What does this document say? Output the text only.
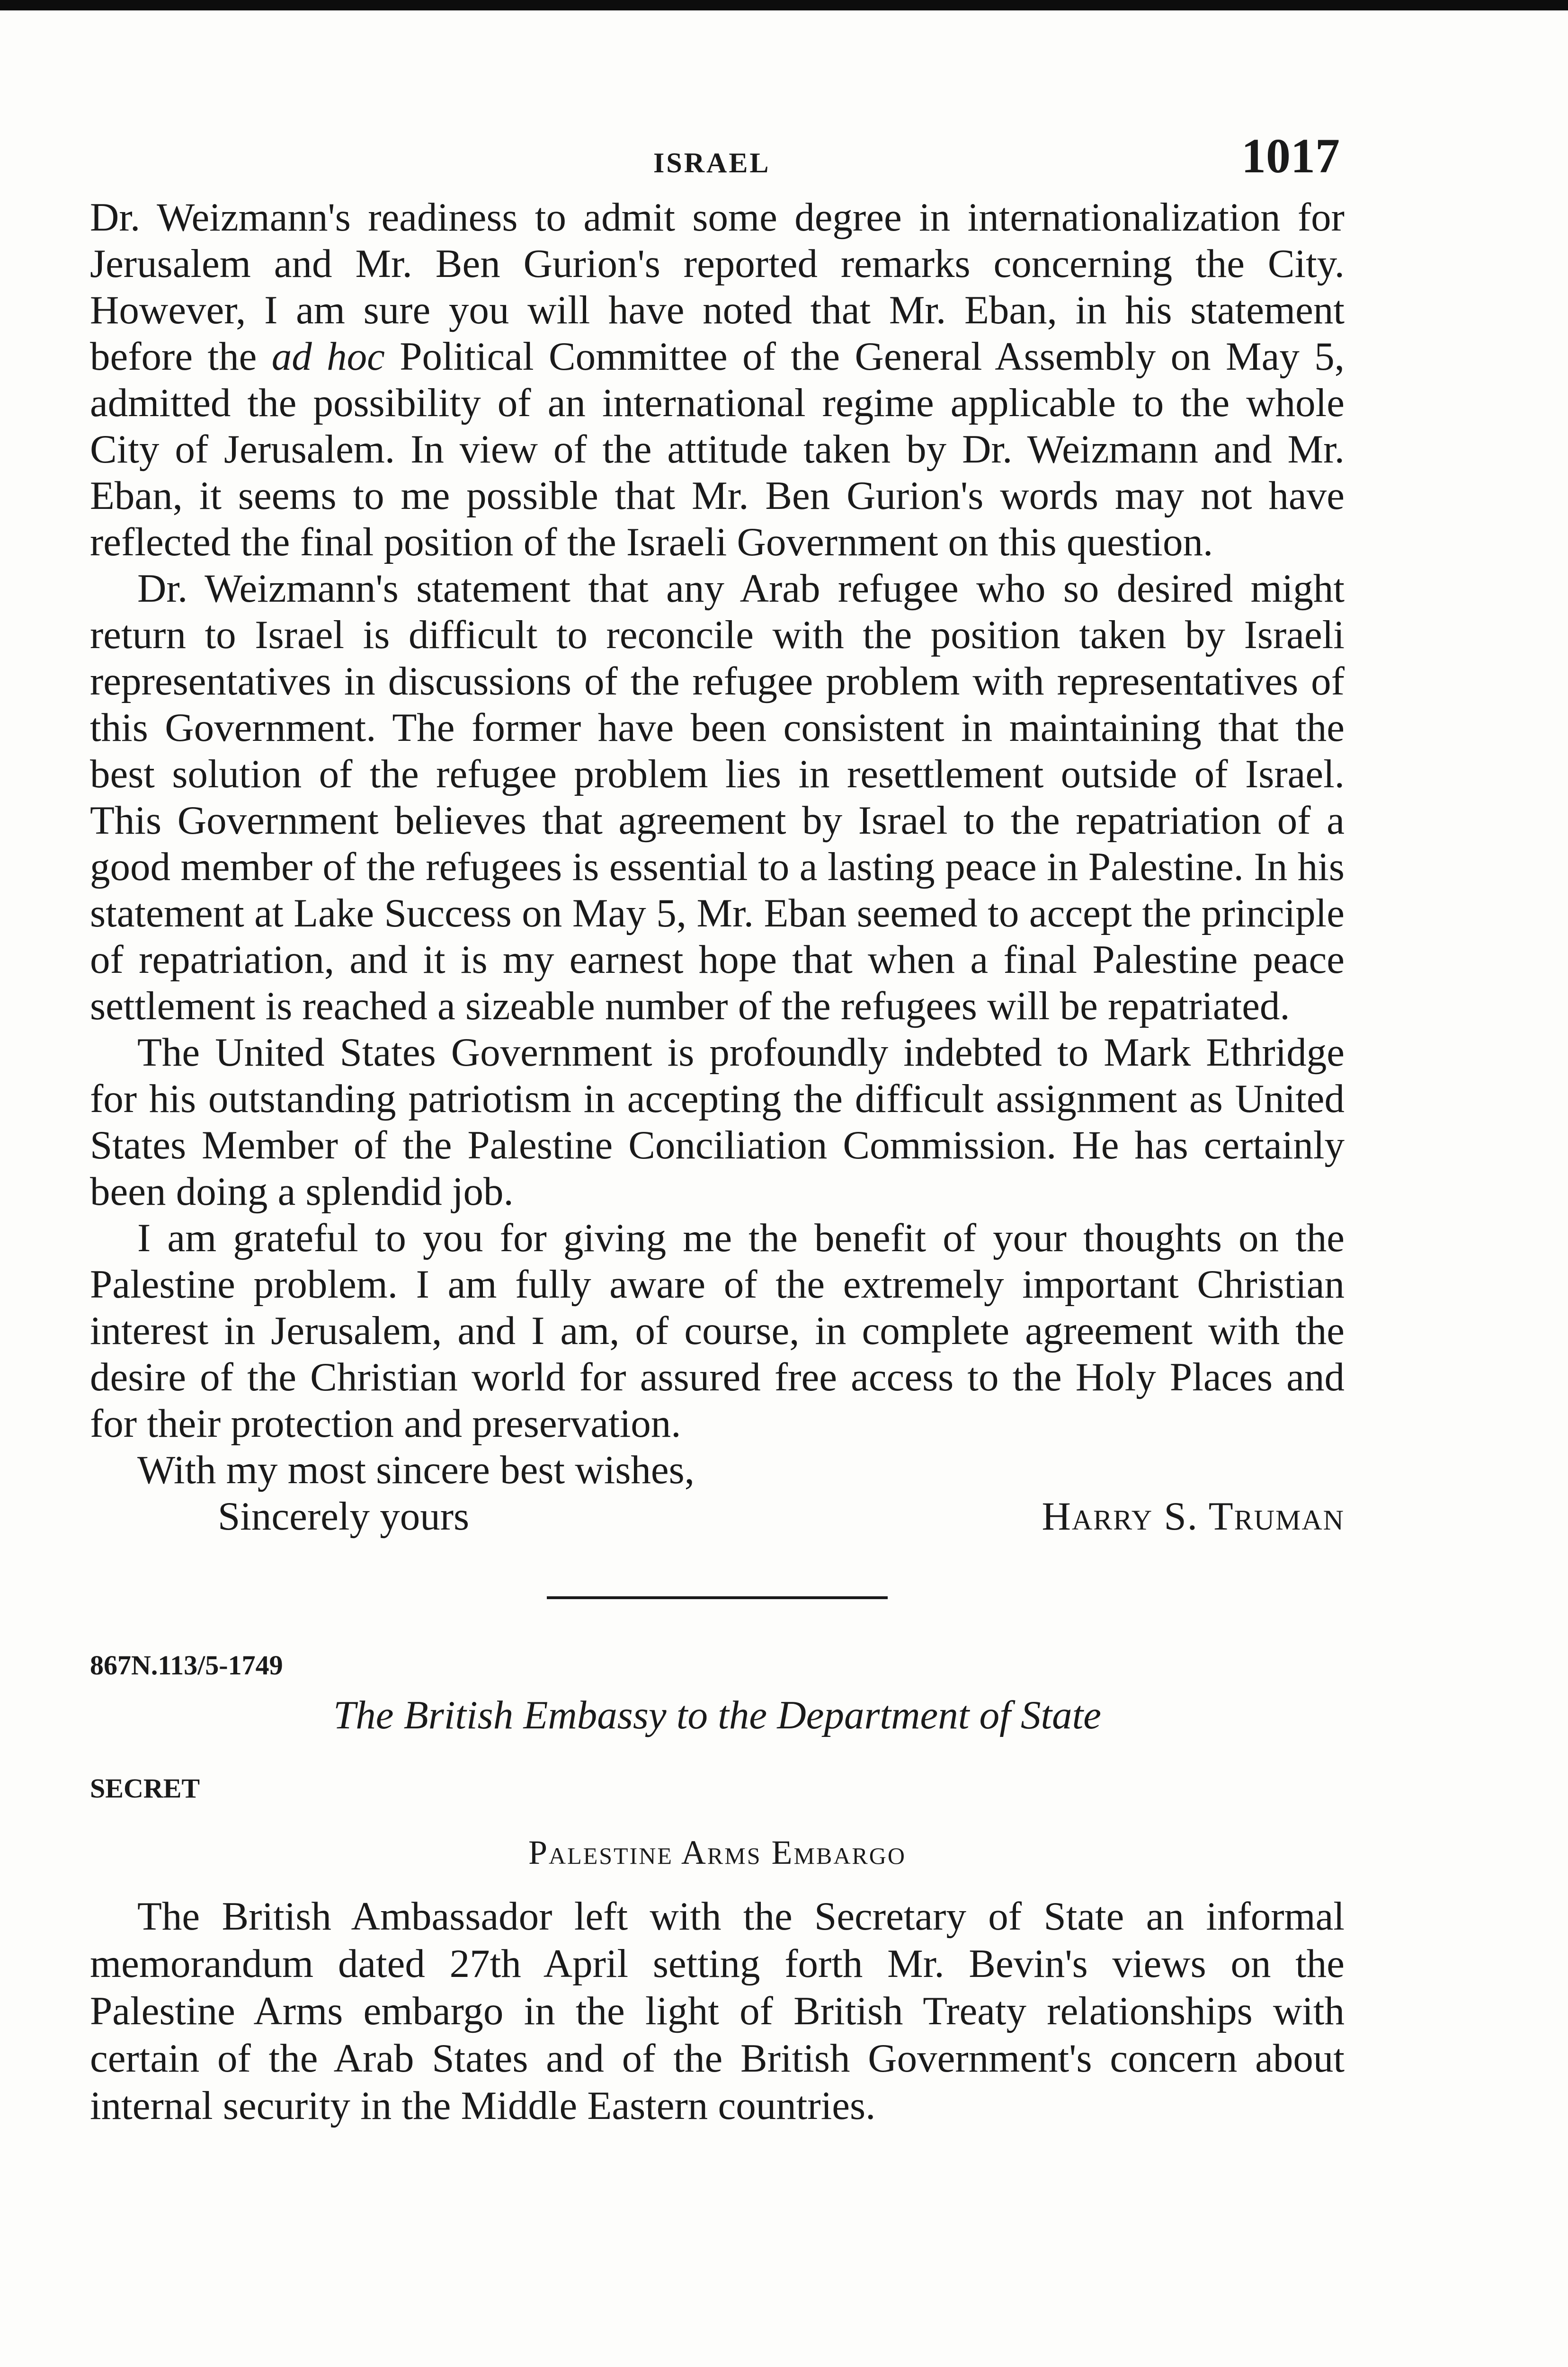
ISRAEL	1017

Dr. Weizmann's readiness to admit some degree in internationalization for Jerusalem and Mr. Ben Gurion's reported remarks concerning the City. However, I am sure you will have noted that Mr. Eban, in his statement before the ad hoc Political Committee of the General Assembly on May 5, admitted the possibility of an international regime applicable to the whole City of Jerusalem. In view of the attitude taken by Dr. Weizmann and Mr. Eban, it seems to me possible that Mr. Ben Gurion's words may not have reflected the final position of the Israeli Government on this question.

Dr. Weizmann's statement that any Arab refugee who so desired might return to Israel is difficult to reconcile with the position taken by Israeli representatives in discussions of the refugee problem with representatives of this Government. The former have been consistent in maintaining that the best solution of the refugee problem lies in resettlement outside of Israel. This Government believes that agreement by Israel to the repatriation of a good member of the refugees is essential to a lasting peace in Palestine. In his statement at Lake Success on May 5, Mr. Eban seemed to accept the principle of repatriation, and it is my earnest hope that when a final Palestine peace settlement is reached a sizeable number of the refugees will be repatriated.

The United States Government is profoundly indebted to Mark Ethridge for his outstanding patriotism in accepting the difficult assignment as United States Member of the Palestine Conciliation Commission. He has certainly been doing a splendid job.

I am grateful to you for giving me the benefit of your thoughts on the Palestine problem. I am fully aware of the extremely important Christian interest in Jerusalem, and I am, of course, in complete agreement with the desire of the Christian world for assured free access to the Holy Places and for their protection and preservation.

With my most sincere best wishes,

Sincerely yours	Harry S. Truman
867N.113/5-1749
The British Embassy to the Department of State
SECRET
Palestine Arms Embargo

The British Ambassador left with the Secretary of State an informal memorandum dated 27th April setting forth Mr. Bevin's views on the Palestine Arms embargo in the light of British Treaty relationships with certain of the Arab States and of the British Government's concern about internal security in the Middle Eastern countries.
